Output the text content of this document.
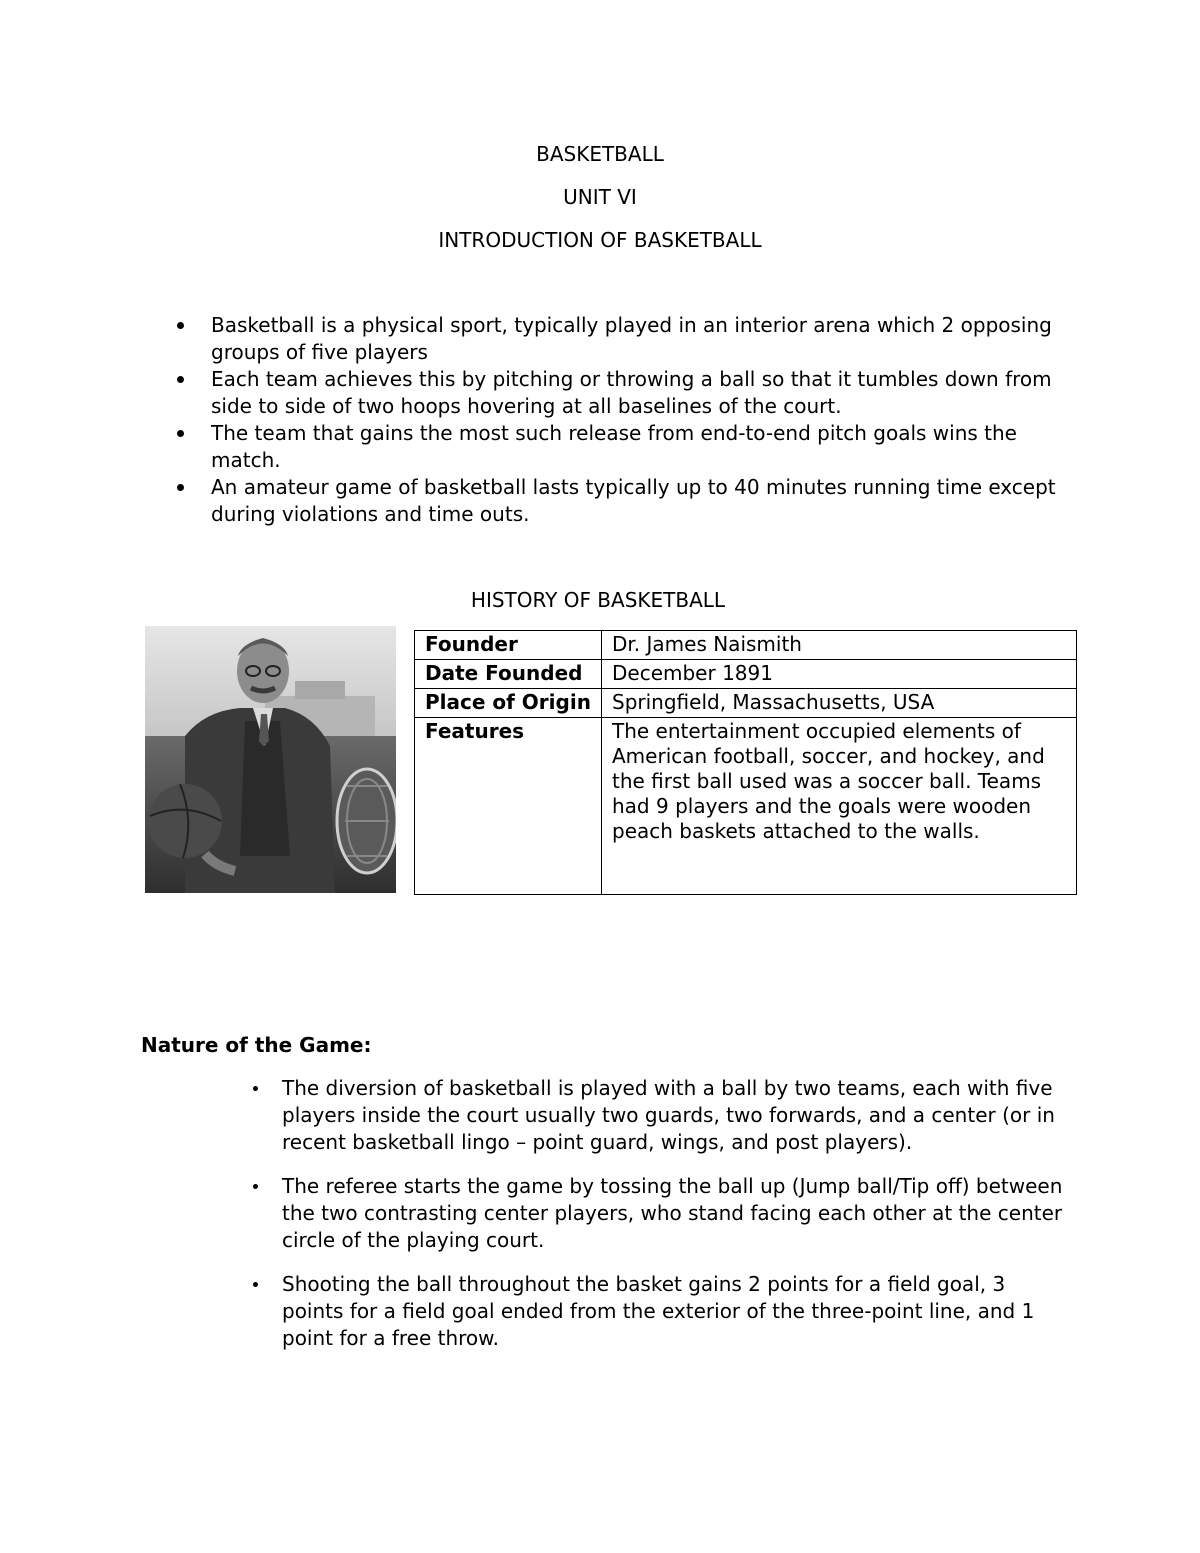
BASKETBALL
UNIT VI
INTRODUCTION OF BASKETBALL
Basketball is a physical sport, typically played in an interior arena which 2 opposing groups of five players
Each team achieves this by pitching or throwing a ball so that it tumbles down from side to side of two hoops hovering at all baselines of the court.
The team that gains the most such release from end-to-end pitch goals wins the match.
An amateur game of basketball lasts typically up to 40 minutes running time except during violations and time outs.
HISTORY OF BASKETBALL
Founder	Dr. James Naismith
Date Founded	December 1891
Place of Origin	Springfield, Massachusetts, USA
Features	The entertainment occupied elements of American football, soccer, and hockey, and the first ball used was a soccer ball. Teams had 9 players and the goals were wooden peach baskets attached to the walls.
Nature of the Game:
The diversion of basketball is played with a ball by two teams, each with five players inside the court usually two guards, two forwards, and a center (or in recent basketball lingo – point guard, wings, and post players).
The referee starts the game by tossing the ball up (Jump ball/Tip off) between the two contrasting center players, who stand facing each other at the center circle of the playing court.
Shooting the ball throughout the basket gains 2 points for a field goal, 3 points for a field goal ended from the exterior of the three-point line, and 1 point for a free throw.
